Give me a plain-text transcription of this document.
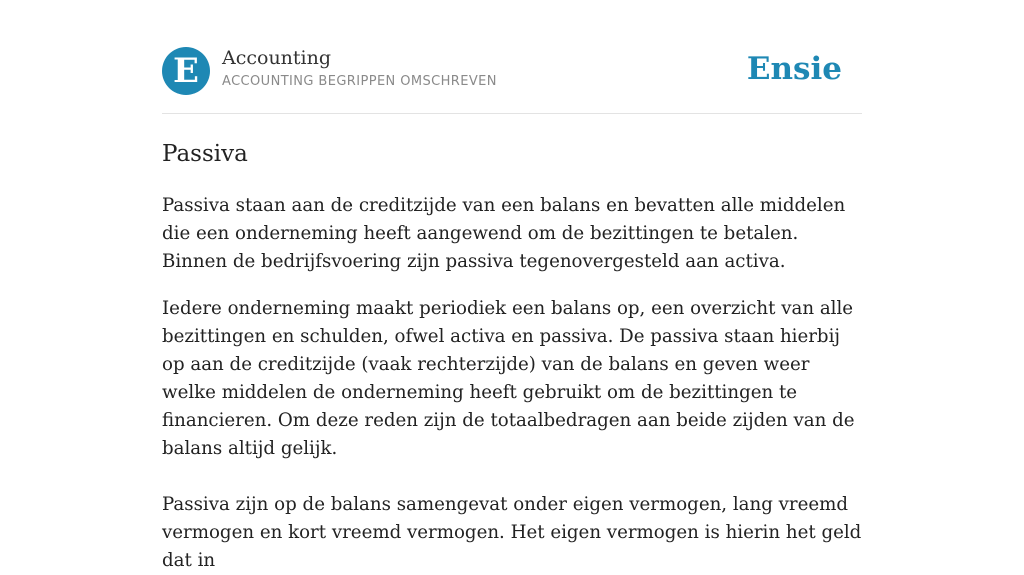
E Accounting
ACCOUNTING BEGRIPPEN OMSCHREVEN	Ensie
Passiva

Passiva staan aan de creditzijde van een balans en bevatten alle middelen die een onderneming heeft aangewend om de bezittingen te betalen. Binnen de bedrijfsvoering zijn passiva tegenovergesteld aan activa.

Iedere onderneming maakt periodiek een balans op, een overzicht van alle bezittingen en schulden, ofwel activa en passiva. De passiva staan hierbij op aan de creditzijde (vaak rechterzijde) van de balans en geven weer welke middelen de onderneming heeft gebruikt om de bezittingen te financieren. Om deze reden zijn de totaalbedragen aan beide zijden van de balans altijd gelijk.

Passiva zijn op de balans samengevat onder eigen vermogen, lang vreemd vermogen en kort vreemd vermogen. Het eigen vermogen is hierin het geld dat in
